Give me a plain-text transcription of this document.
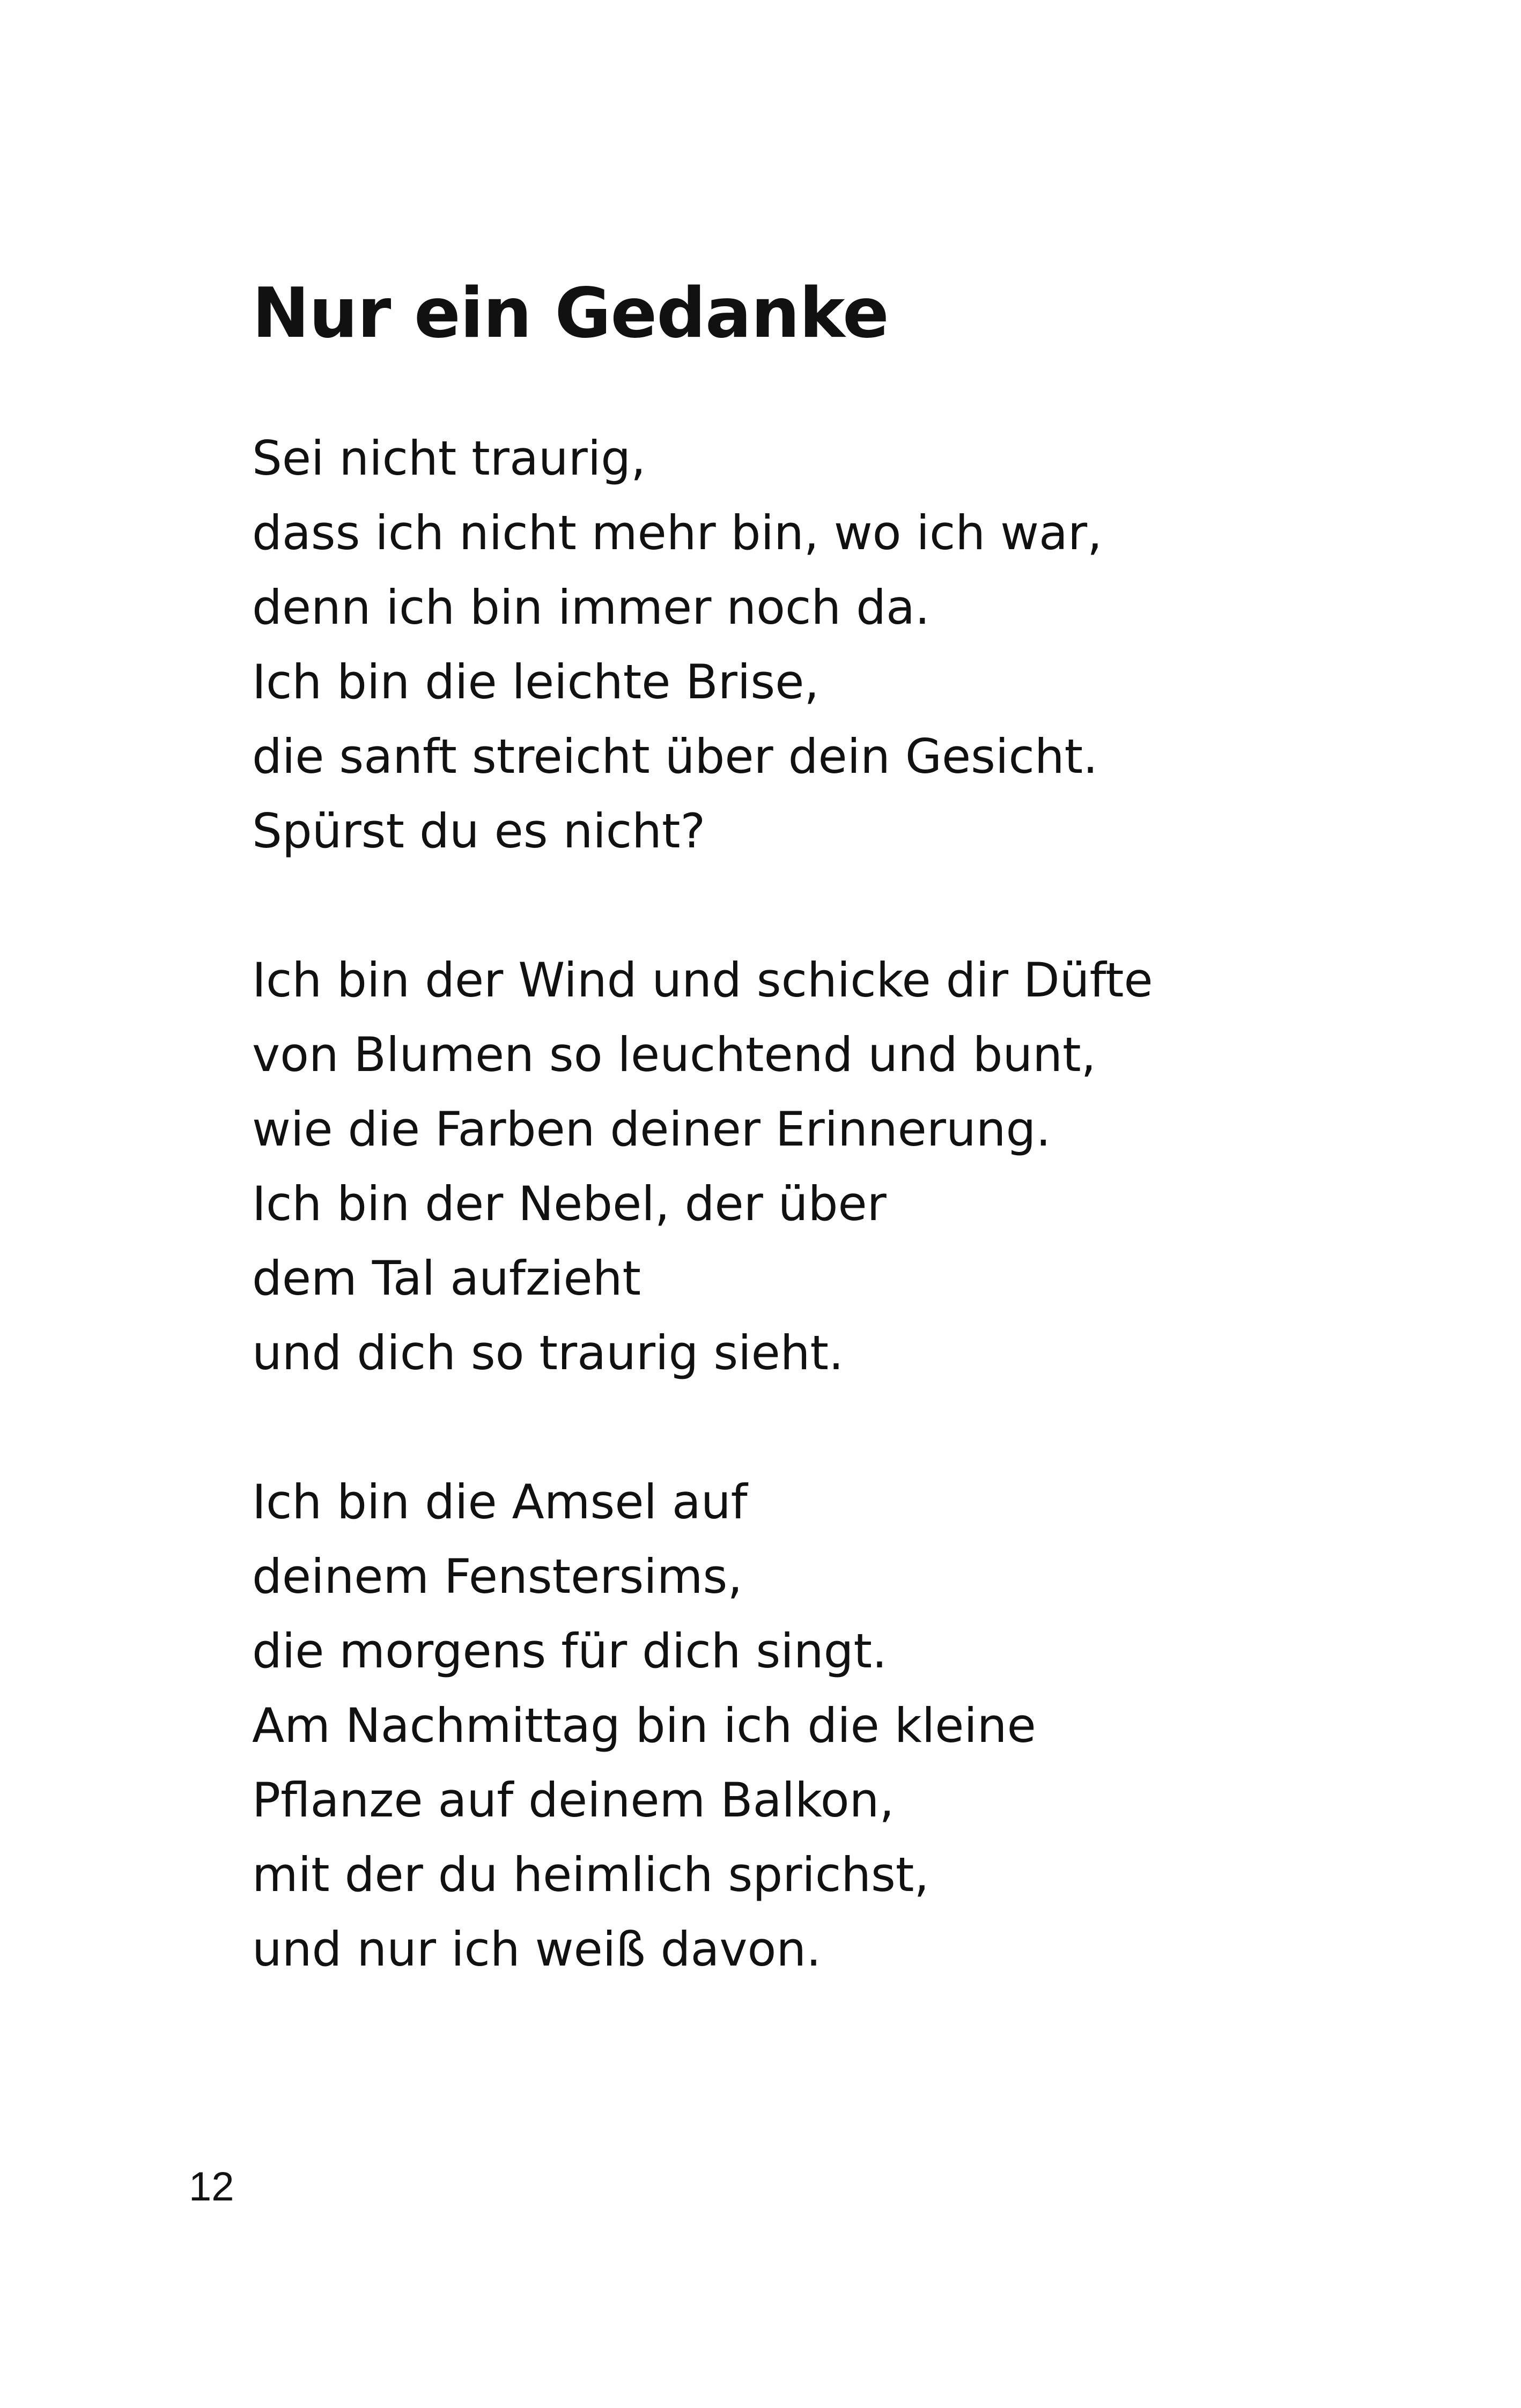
Nur ein Gedanke

Sei nicht traurig,
dass ich nicht mehr bin, wo ich war,
denn ich bin immer noch da.
Ich bin die leichte Brise,
die sanft streicht über dein Gesicht.
Spürst du es nicht?

Ich bin der Wind und schicke dir Düfte
von Blumen so leuchtend und bunt,
wie die Farben deiner Erinnerung.
Ich bin der Nebel, der über
dem Tal aufzieht
und dich so traurig sieht.

Ich bin die Amsel auf
deinem Fenstersims,
die morgens für dich singt.
Am Nachmittag bin ich die kleine
Pflanze auf deinem Balkon,
mit der du heimlich sprichst,
und nur ich weiß davon.

12
